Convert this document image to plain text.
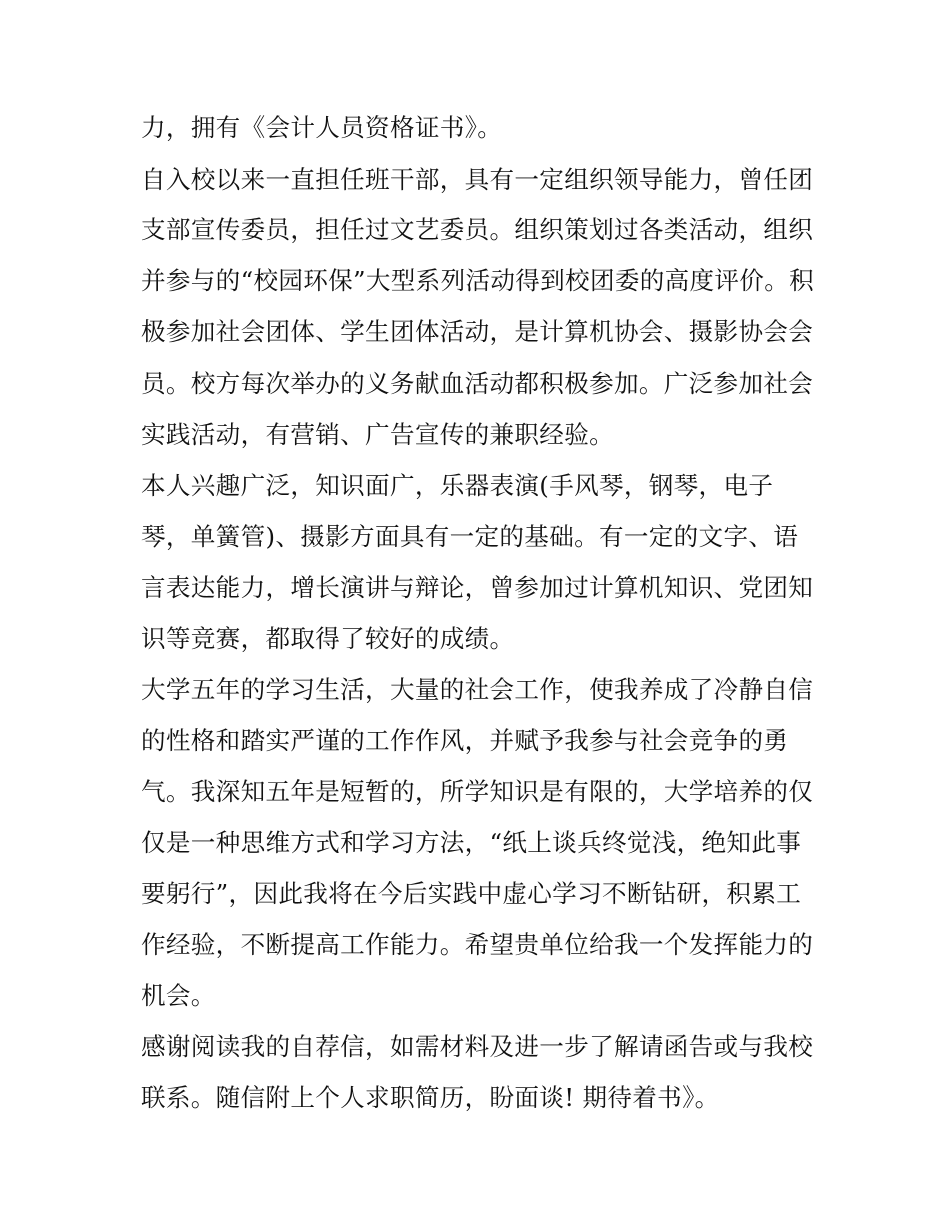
力，拥有《会计人员资格证书》。
自入校以来一直担任班干部，具有一定组织领导能力，曾任团
支部宣传委员，担任过文艺委员。组织策划过各类活动，组织
并参与的“校园环保”大型系列活动得到校团委的高度评价。积
极参加社会团体、学生团体活动，是计算机协会、摄影协会会
员。校方每次举办的义务献血活动都积极参加。广泛参加社会
实践活动，有营销、广告宣传的兼职经验。
本人兴趣广泛，知识面广，乐器表演(手风琴，钢琴，电子
琴，单簧管)、摄影方面具有一定的基础。有一定的文字、语
言表达能力，增长演讲与辩论，曾参加过计算机知识、党团知
识等竞赛，都取得了较好的成绩。
大学五年的学习生活，大量的社会工作，使我养成了冷静自信
的性格和踏实严谨的工作作风，并赋予我参与社会竞争的勇
气。我深知五年是短暂的，所学知识是有限的，大学培养的仅
仅是一种思维方式和学习方法，“纸上谈兵终觉浅，绝知此事
要躬行”，因此我将在今后实践中虚心学习不断钻研，积累工
作经验，不断提高工作能力。希望贵单位给我一个发挥能力的
机会。
感谢阅读我的自荐信，如需材料及进一步了解请函告或与我校
联系。随信附上个人求职简历，盼面谈! 期待着书》。
